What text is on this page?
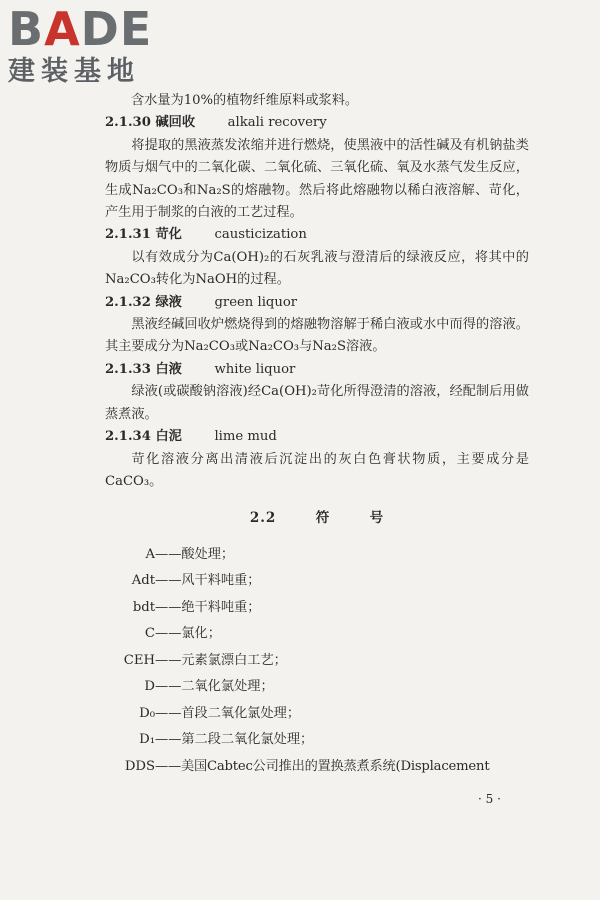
BADE
建装基地

含水量为10%的植物纤维原料或浆料。

2.1.30 碱回收 alkali recovery

将提取的黑液蒸发浓缩并进行燃烧，使黑液中的活性碱及有机钠盐类物质与烟气中的二氧化碳、二氧化硫、三氧化硫、氧及水蒸气发生反应，生成Na₂CO₃和Na₂S的熔融物。然后将此熔融物以稀白液溶解、苛化，产生用于制浆的白液的工艺过程。

2.1.31 苛化 causticization

以有效成分为Ca(OH)₂的石灰乳液与澄清后的绿液反应，将其中的Na₂CO₃转化为NaOH的过程。

2.1.32 绿液 green liquor

黑液经碱回收炉燃烧得到的熔融物溶解于稀白液或水中而得的溶液。其主要成分为Na₂CO₃或Na₂CO₃与Na₂S溶液。

2.1.33 白液 white liquor

绿液(或碳酸钠溶液)经Ca(OH)₂苛化所得澄清的溶液，经配制后用做蒸煮液。

2.1.34 白泥 lime mud

苛化溶液分离出清液后沉淀出的灰白色膏状物质，主要成分是CaCO₃。

2.2	符	号

A ——酸处理；
Adt ——风干料吨重；
bdt ——绝干料吨重；
C ——氯化；
CEH ——元素氯漂白工艺；
D ——二氧化氯处理；
D₀ ——首段二氧化氯处理；
D₁ ——第二段二氧化氯处理；
DDS ——美国Cabtec公司推出的置换蒸煮系统(Displacement
· 5 ·
